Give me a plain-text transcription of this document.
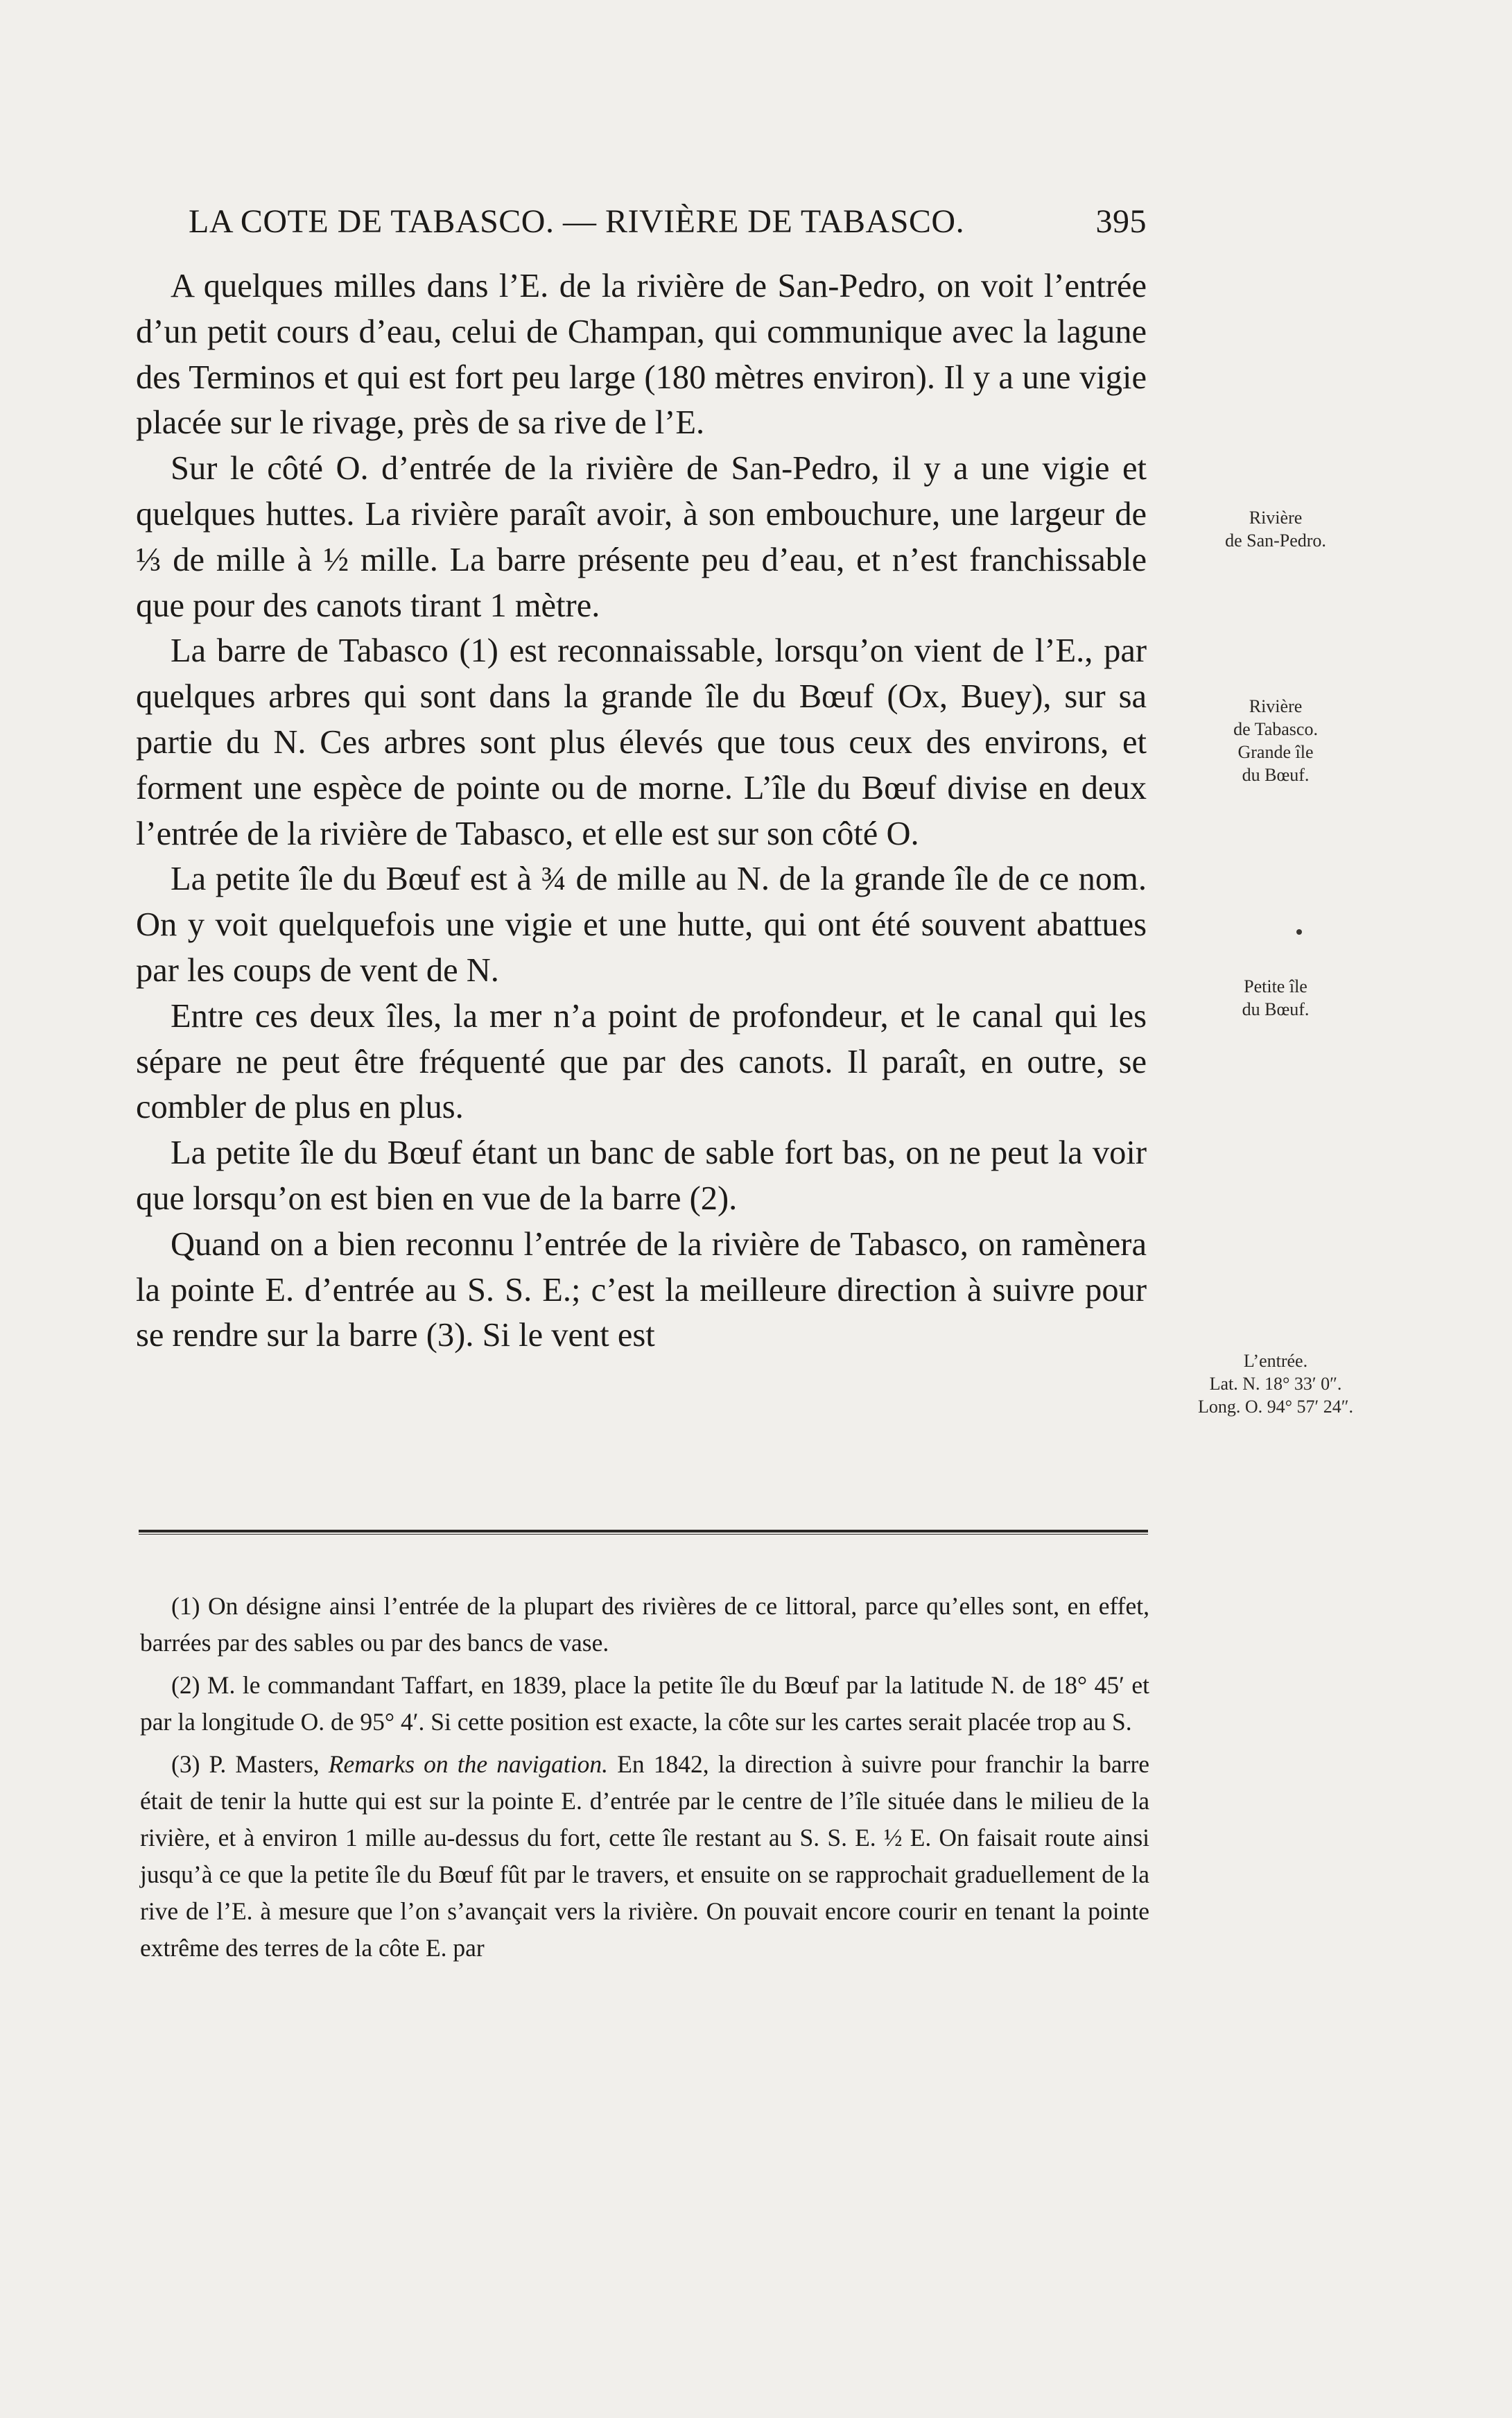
LA COTE DE TABASCO. — RIVIÈRE DE TABASCO.	395

A quelques milles dans l’E. de la rivière de San-Pedro, on voit l’entrée d’un petit cours d’eau, celui de Champan, qui communique avec la lagune des Terminos et qui est fort peu large (180 mètres environ). Il y a une vigie placée sur le rivage, près de sa rive de l’E.

Sur le côté O. d’entrée de la rivière de San-Pedro, il y a une vigie et quelques huttes. La rivière paraît avoir, à son embouchure, une largeur de ⅓ de mille à ½ mille. La barre présente peu d’eau, et n’est franchissable que pour des canots tirant 1 mètre.

La barre de Tabasco (1) est reconnaissable, lorsqu’on vient de l’E., par quelques arbres qui sont dans la grande île du Bœuf (Ox, Buey), sur sa partie du N. Ces arbres sont plus élevés que tous ceux des environs, et forment une espèce de pointe ou de morne. L’île du Bœuf divise en deux l’entrée de la rivière de Tabasco, et elle est sur son côté O.

La petite île du Bœuf est à ¾ de mille au N. de la grande île de ce nom. On y voit quelquefois une vigie et une hutte, qui ont été souvent abattues par les coups de vent de N.

Entre ces deux îles, la mer n’a point de profondeur, et le canal qui les sépare ne peut être fréquenté que par des canots. Il paraît, en outre, se combler de plus en plus.

La petite île du Bœuf étant un banc de sable fort bas, on ne peut la voir que lorsqu’on est bien en vue de la barre (2).

Quand on a bien reconnu l’entrée de la rivière de Tabasco, on ramènera la pointe E. d’entrée au S. S. E.; c’est la meilleure direction à suivre pour se rendre sur la barre (3). Si le vent est

Rivière
de San-Pedro.
Rivière
de Tabasco.
Grande île
du Bœuf.
Petite île
du Bœuf.
L’entrée.
Lat. N. 18° 33′ 0″.
Long. O. 94° 57′ 24″.

(1) On désigne ainsi l’entrée de la plupart des rivières de ce littoral, parce qu’elles sont, en effet, barrées par des sables ou par des bancs de vase.

(2) M. le commandant Taffart, en 1839, place la petite île du Bœuf par la latitude N. de 18° 45′ et par la longitude O. de 95° 4′. Si cette position est exacte, la côte sur les cartes serait placée trop au S.

(3) P. Masters, Remarks on the navigation. En 1842, la direction à suivre pour franchir la barre était de tenir la hutte qui est sur la pointe E. d’entrée par le centre de l’île située dans le milieu de la rivière, et à environ 1 mille au-dessus du fort, cette île restant au S. S. E. ½ E. On faisait route ainsi jusqu’à ce que la petite île du Bœuf fût par le travers, et ensuite on se rapprochait graduellement de la rive de l’E. à mesure que l’on s’avançait vers la rivière. On pouvait encore courir en tenant la pointe extrême des terres de la côte E. par
